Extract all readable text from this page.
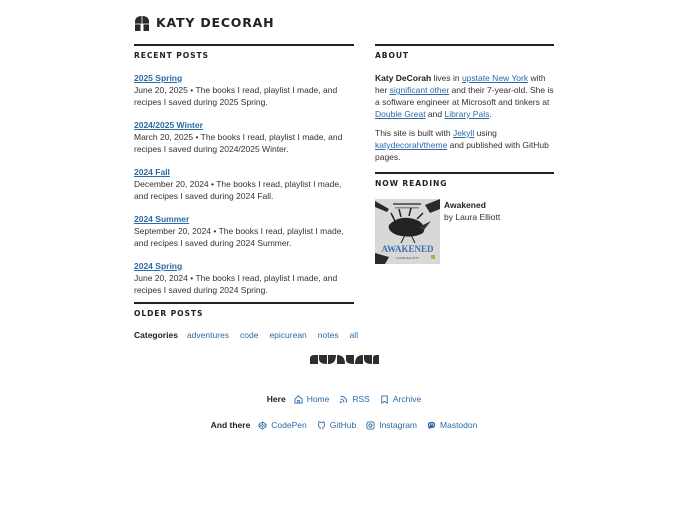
KATY DECORAH
RECENT POSTS
2025 Spring
June 20, 2025 • The books I read, playlist I made, and recipes I saved during 2025 Spring.
2024/2025 Winter
March 20, 2025 • The books I read, playlist I made, and recipes I saved during 2024/2025 Winter.
2024 Fall
December 20, 2024 • The books I read, playlist I made, and recipes I saved during 2024 Fall.
2024 Summer
September 20, 2024 • The books I read, playlist I made, and recipes I saved during 2024 Summer.
2024 Spring
June 20, 2024 • The books I read, playlist I made, and recipes I saved during 2024 Spring.
OLDER POSTS
Categories adventures code epicurean notes all
ABOUT

Katy DeCorah lives in upstate New York with her significant other and their 7-year-old. She is a software engineer at Microsoft and tinkers at Double Great and Library Pals.

This site is built with Jekyll using katydecorah/theme and published with GitHub pages.

NOW READING
AWAKENED
LAURA ELLIOTT
Awakened
by Laura Elliott
Here Home	RSS	Archive
And there CodePen	GitHub	Instagram	Mastodon
